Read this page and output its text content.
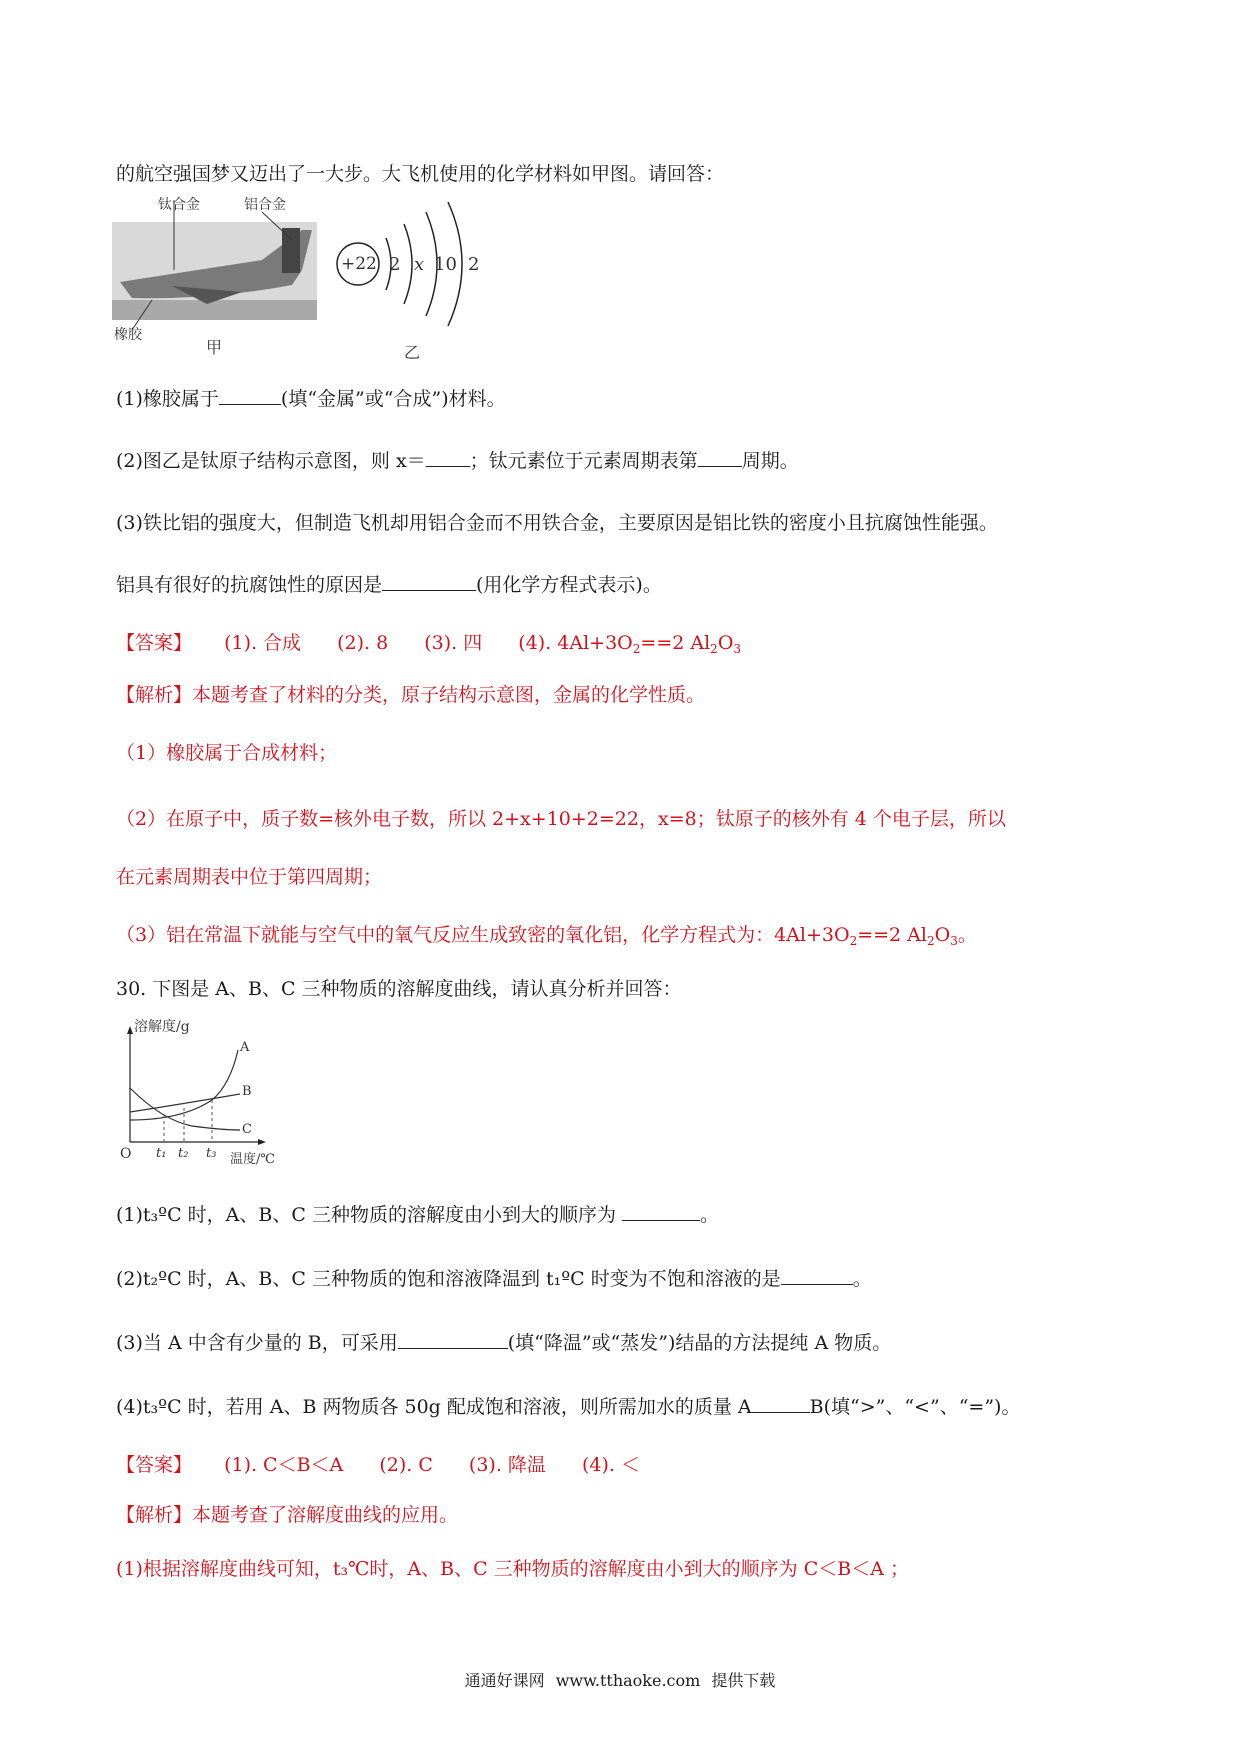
的航空强国梦又迈出了一大步。大飞机使用的化学材料如甲图。请回答：
钛合金	铝合金
橡胶
甲
+22 2 x 10 2
乙
(1)橡胶属于	(填“金属”或“合成”)材料。
(2)图乙是钛原子结构示意图，则 x＝ ；钛元素位于元素周期表第 周期。
(3)铁比铝的强度大，但制造飞机却用铝合金而不用铁合金，主要原因是铝比铁的密度小且抗腐蚀性能强。
铝具有很好的抗腐蚀性的原因是	(用化学方程式表示)。
【答案】 (1). 合成 (2). 8 (3). 四 (4). $4Al+3O_2==2$ $Al_2O_3$
【解析】本题考查了材料的分类，原子结构示意图，金属的化学性质。
（1）橡胶属于合成材料；
（2）在原子中，质子数=核外电子数，所以 2+x+10+2=22，x=8；钛原子的核外有 4 个电子层，所以
在元素周期表中位于第四周期；
（3）铝在常温下就能与空气中的氧气反应生成致密的氧化铝，化学方程式为：$4Al+3O_2==2$ $Al_2O_3$。
30. 下图是 A、B、C 三种物质的溶解度曲线，请认真分析并回答：
溶解度/g
A
B
C
O t₁ t₂ t₃ 温度/℃
(1)t₃ºC 时，A、B、C 三种物质的溶解度由小到大的顺序为	。
(2)t₂ºC 时，A、B、C 三种物质的饱和溶液降温到 t₁ºC 时变为不饱和溶液的是	。
(3)当 A 中含有少量的 B，可采用	(填“降温”或“蒸发”)结晶的方法提纯 A 物质。
(4)t₃ºC 时，若用 A、B 两物质各 50g 配成饱和溶液，则所需加水的质量 A	B(填“>”、“<”、“=”)。
【答案】 (1). C＜B＜A (2). C (3). 降温 (4). ＜
【解析】本题考查了溶解度曲线的应用。
(1)根据溶解度曲线可知，t₃℃时，A、B、C 三种物质的溶解度由小到大的顺序为 C＜B＜A ；
通通好课网 www.tthaoke.com 提供下载
